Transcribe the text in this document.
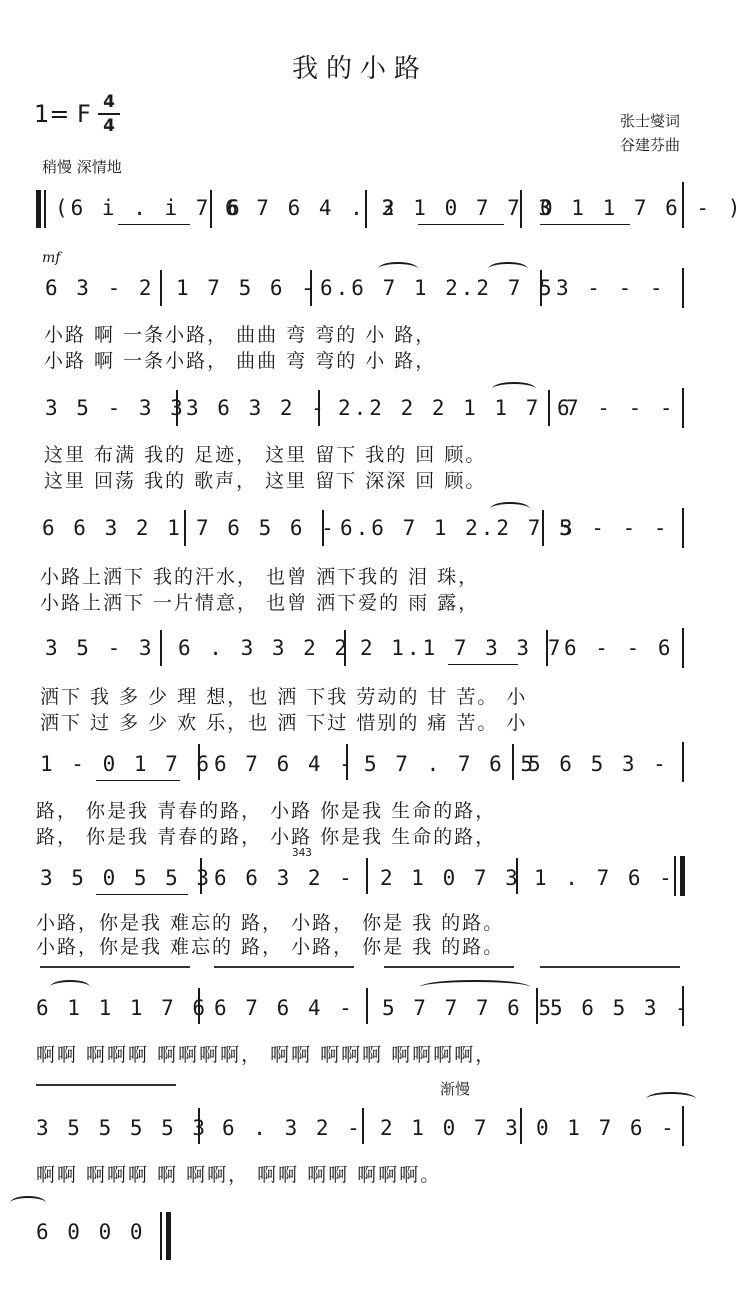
我的小路
1= F 4
4	张士燮词
谷建芬曲
稍慢 深情地
(6 i . i 7 6
6 7 6 4 . 3
2 1 0 7 7 3
0 1 1 7 6 - )
mf
6 3 - 2 1 7 5 6 - 6.6 7 1 2.2 7 5 3 - - -
小路 啊 一条小路， 曲曲 弯 弯的 小 路，
小路 啊 一条小路， 曲曲 弯 弯的 小 路，
3 5 - 3 3 3 6 3 2 - 2.2 2 2 1 1 7 6
7 - - -
这里 布满 我的 足迹， 这里 留下 我的 回 顾。
这里 回荡 我的 歌声， 这里 留下 深深 回 顾。
6 6 3 2 1 7 6 5 6 - 6.6 7 1 2.2 7 5
3 - - -
小路上洒下 我的汗水， 也曾 洒下我的 泪 珠，
小路上洒下 一片情意， 也曾 洒下爱的 雨 露，
3 5 - 3 6 . 3 3 2 2 2 1.1 7 3 3 7 6 - - 6
洒下 我 多 少 理 想，也 洒 下我 劳动的 甘 苦。 小
洒下 过 多 少 欢 乐，也 洒 下过 惜别的 痛 苦。 小
1 - 0 1 7 6 6 7 6 4 - 5 7 . 7 6 5
5 6 5 3 -
路， 你是我 青春的路， 小路 你是我 生命的路，
路， 你是我 青春的路， 小路 你是我 生命的路，
3 5 0 5 5 3 6 6 3 2 -
343
2 1 0 7 3 1 . 7 6 -
小路，你是我 难忘的 路， 小路， 你是 我 的路。
小路，你是我 难忘的 路， 小路， 你是 我 的路。
6 1 1 1 7 6 6 7 6 4 - 5 7 7 7 6 5
5 6 5 3 -
啊啊 啊啊啊 啊啊啊啊， 啊啊 啊啊啊 啊啊啊啊，
渐慢
3 5 5 5 5 3 6 . 3 2 - 2 1 0 7 3 0 1 7 6 -
啊啊 啊啊啊 啊 啊啊， 啊啊 啊啊 啊啊啊。
6 0 0 0
